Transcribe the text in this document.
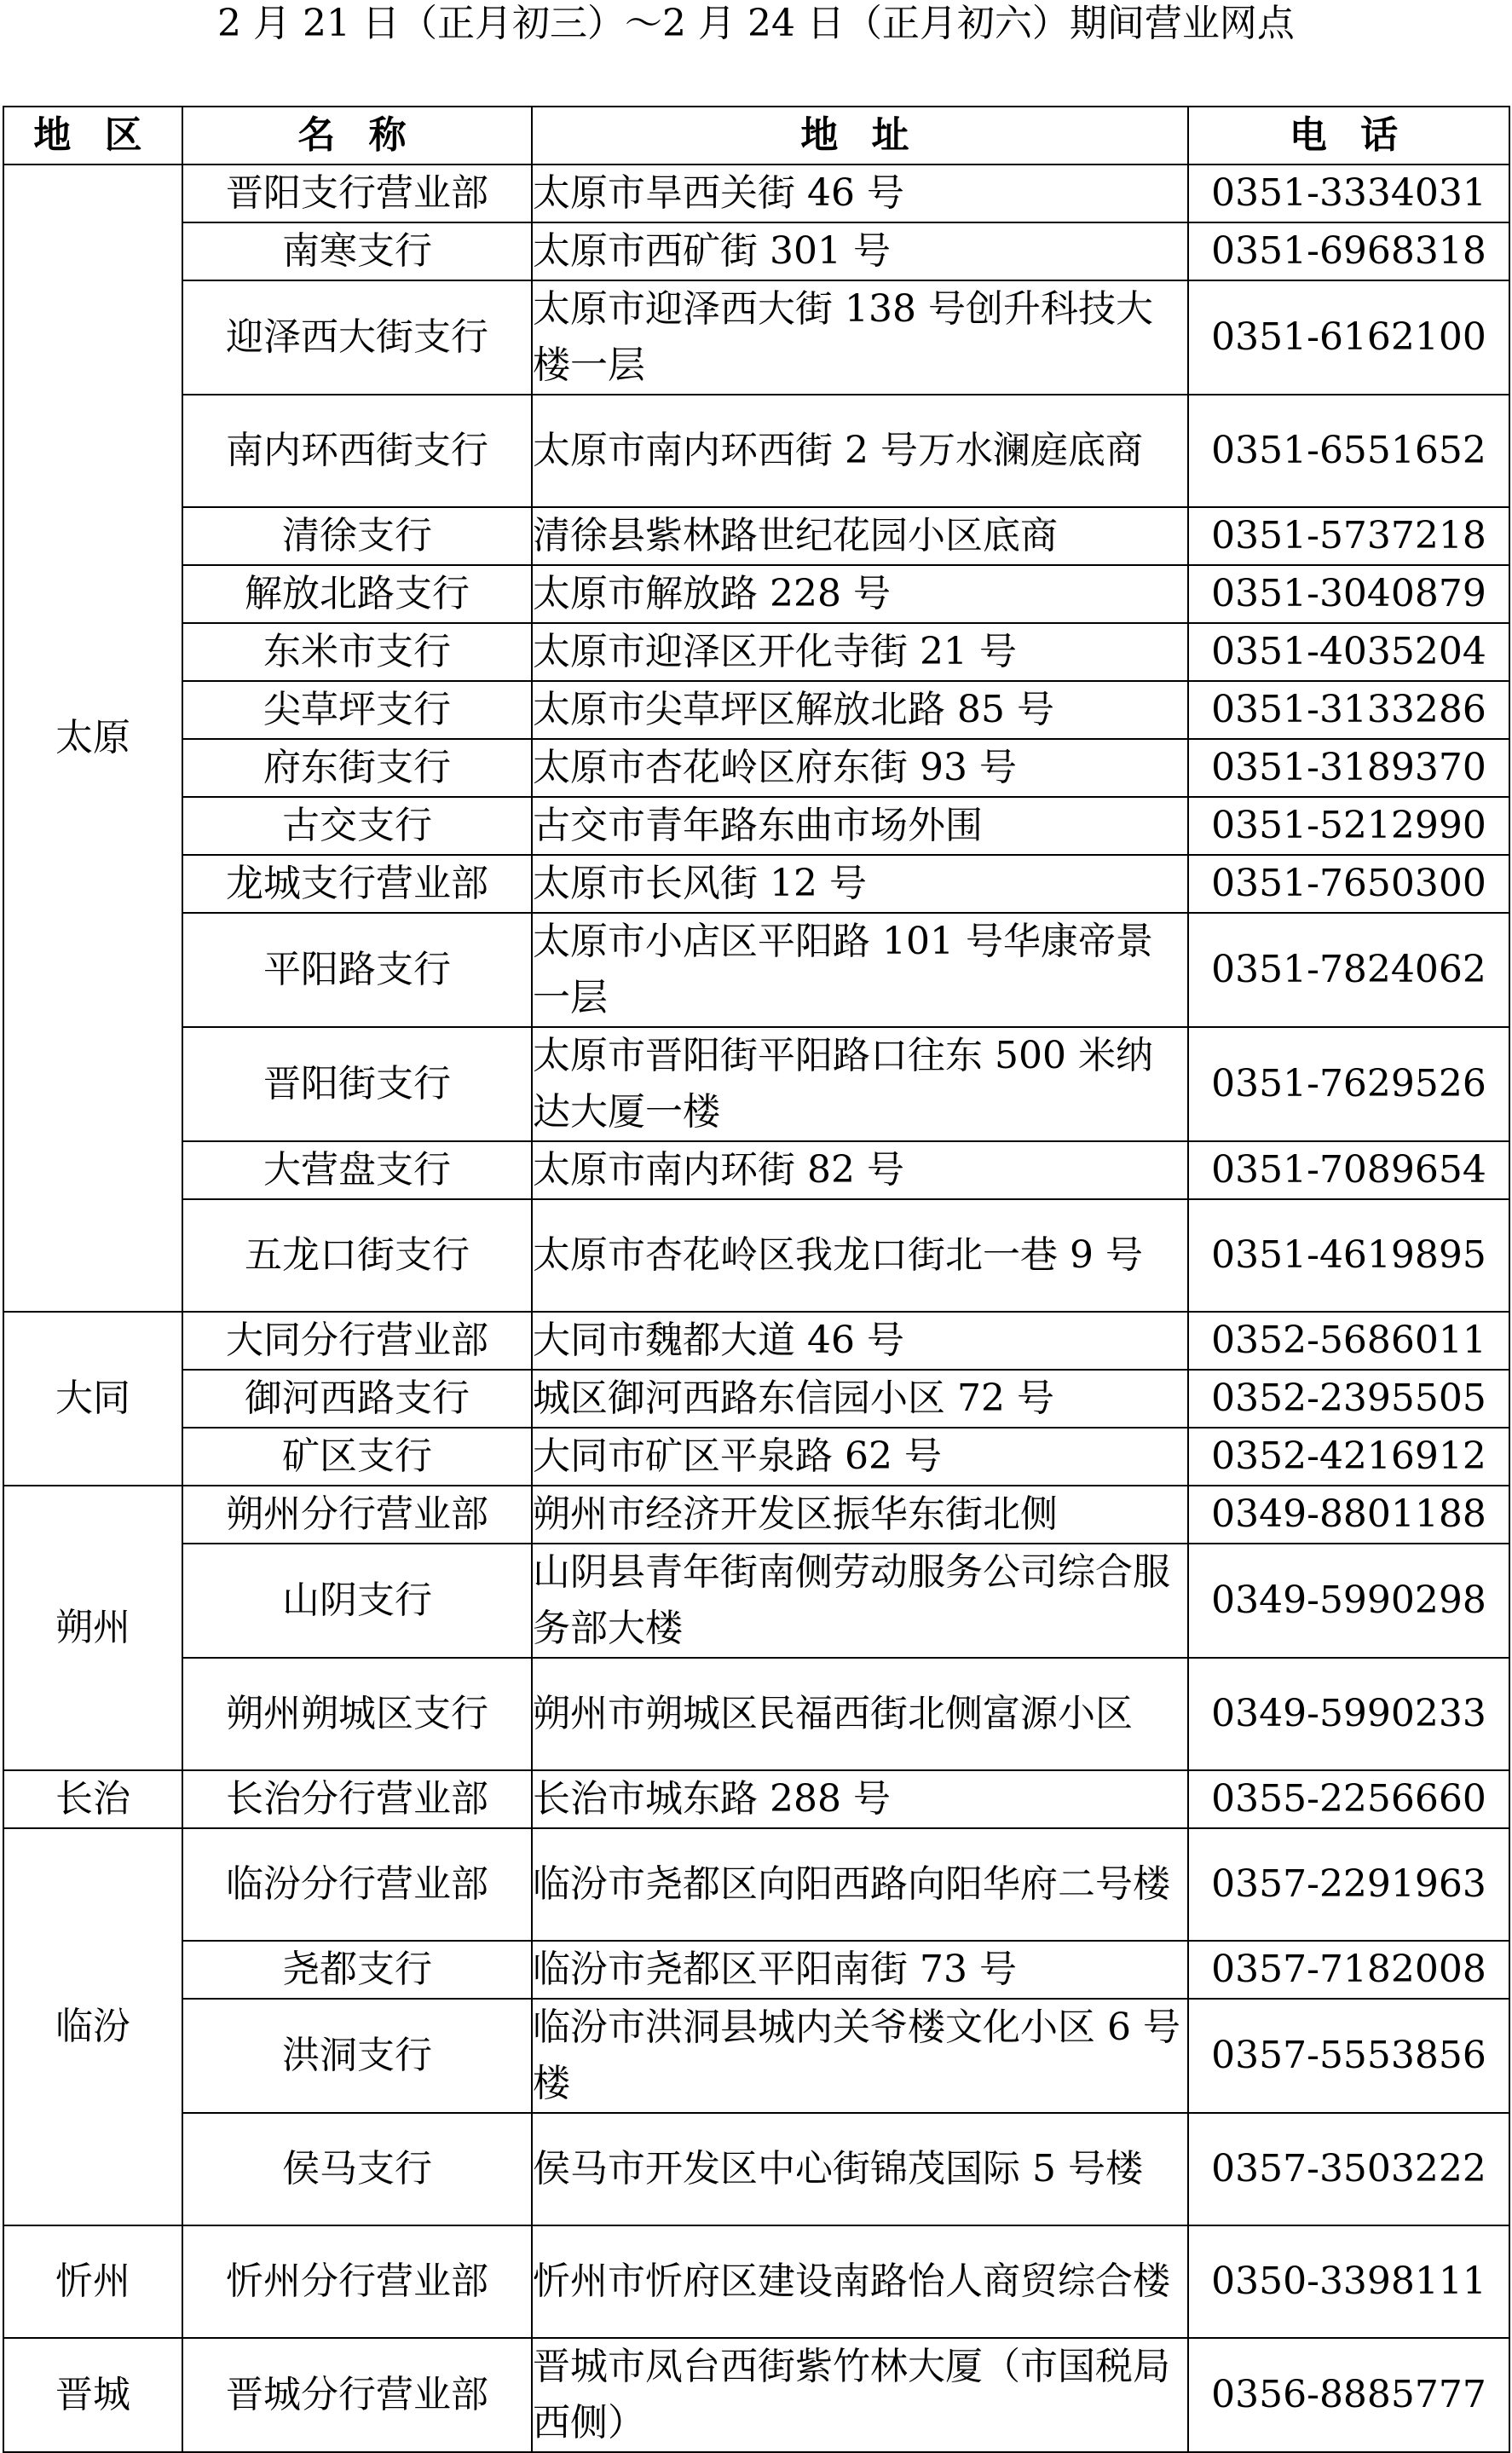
2 月 21 日（正月初三）～2 月 24 日（正月初六）期间营业网点
地 区	名 称	地 址	电 话
太原	晋阳支行营业部	太原市旱西关街 46 号	0351-3334031
	南寒支行	太原市西矿街 301 号	0351-6968318
	迎泽西大街支行	太原市迎泽西大街 138 号创升科技大楼一层	0351-6162100
	南内环西街支行	太原市南内环西街 2 号万水澜庭底商	0351-6551652
	清徐支行	清徐县紫林路世纪花园小区底商	0351-5737218
	解放北路支行	太原市解放路 228 号	0351-3040879
	东米市支行	太原市迎泽区开化寺街 21 号	0351-4035204
	尖草坪支行	太原市尖草坪区解放北路 85 号	0351-3133286
	府东街支行	太原市杏花岭区府东街 93 号	0351-3189370
	古交支行	古交市青年路东曲市场外围	0351-5212990
	龙城支行营业部	太原市长风街 12 号	0351-7650300
	平阳路支行	太原市小店区平阳路 101 号华康帝景一层	0351-7824062
	晋阳街支行	太原市晋阳街平阳路口往东 500 米纳达大厦一楼	0351-7629526
	大营盘支行	太原市南内环街 82 号	0351-7089654
	五龙口街支行	太原市杏花岭区我龙口街北一巷 9 号	0351-4619895
大同	大同分行营业部	大同市魏都大道 46 号	0352-5686011
	御河西路支行	城区御河西路东信园小区 72 号	0352-2395505
	矿区支行	大同市矿区平泉路 62 号	0352-4216912
朔州	朔州分行营业部	朔州市经济开发区振华东街北侧	0349-8801188
	山阴支行	山阴县青年街南侧劳动服务公司综合服务部大楼	0349-5990298
	朔州朔城区支行	朔州市朔城区民福西街北侧富源小区	0349-5990233
长治	长治分行营业部	长治市城东路 288 号	0355-2256660
临汾	临汾分行营业部	临汾市尧都区向阳西路向阳华府二号楼	0357-2291963
	尧都支行	临汾市尧都区平阳南街 73 号	0357-7182008
	洪洞支行	临汾市洪洞县城内关爷楼文化小区 6 号楼	0357-5553856
	侯马支行	侯马市开发区中心街锦茂国际 5 号楼	0357-3503222
忻州	忻州分行营业部	忻州市忻府区建设南路怡人商贸综合楼	0350-3398111
晋城	晋城分行营业部	晋城市凤台西街紫竹林大厦（市国税局西侧）	0356-8885777
